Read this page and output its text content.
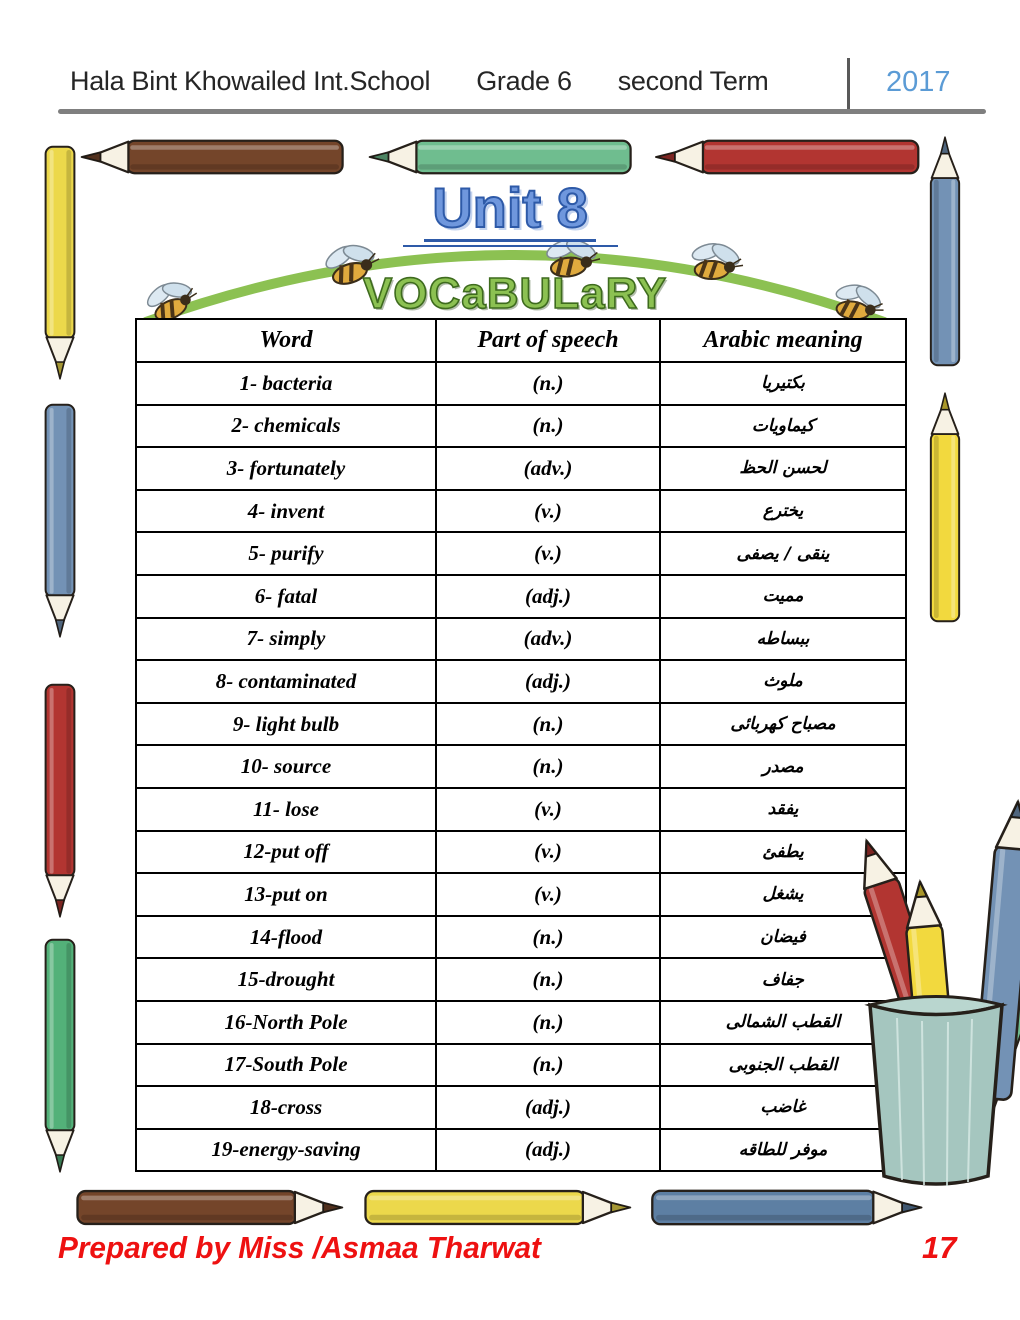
Hala Bint Khowailed Int.School Grade 6 second Term	2017
Unit 8
VOCaBULaRY
Word	Part of speech	Arabic meaning
1- bacteria	(n.)	بكتيريا
2- chemicals	(n.)	كيماويات
3- fortunately	(adv.)	لحسن الحظ
4- invent	(v.)	يخترع
5- purify	(v.)	ينقى / يصفى
6- fatal	(adj.)	مميت
7- simply	(adv.)	ببساطه
8- contaminated	(adj.)	ملوث
9- light bulb	(n.)	مصباح كهربائى
10- source	(n.)	مصدر
11- lose	(v.)	يفقد
12-put off	(v.)	يطفئ
13-put on	(v.)	يشغل
14-flood	(n.)	فيضان
15-drought	(n.)	جفاف
16-North Pole	(n.)	القطب الشمالى
17-South Pole	(n.)	القطب الجنوبى
18-cross	(adj.)	غاضب
19-energy-saving	(adj.)	موفر للطاقه
Prepared by Miss /Asmaa Tharwat	17
